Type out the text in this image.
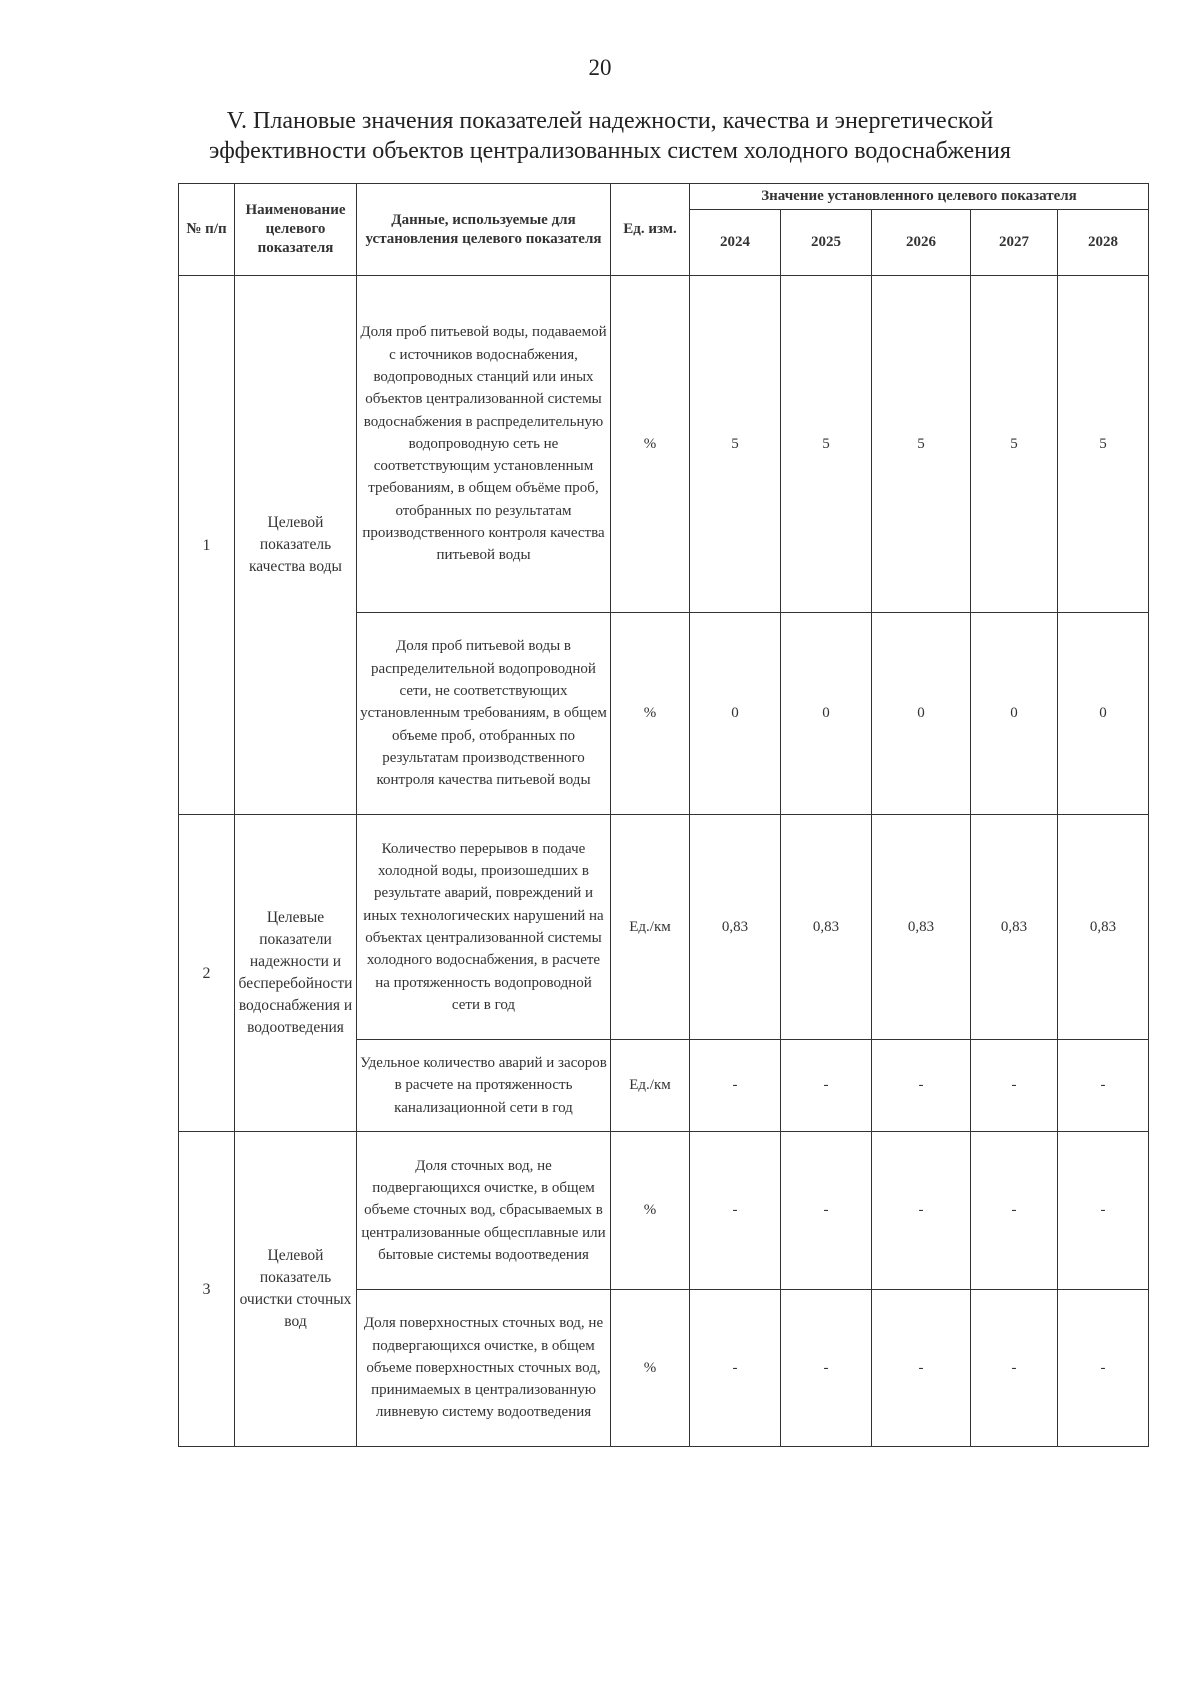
20
V. Плановые значения показателей надежности, качества и энергетической
эффективности объектов централизованных систем холодного водоснабжения
№ п/п	Наименование целевого показателя	Данные, используемые для установления целевого показателя	Ед. изм.	Значение установленного целевого показателя				
				2024	2025	2026	2027	2028
1	Целевой показатель качества воды	Доля проб питьевой воды, подаваемой с источников водоснабжения, водопроводных станций или иных объектов централизованной системы водоснабжения в распределительную водопроводную сеть не соответствующим установленным требованиям, в общем объёме проб, отобранных по результатам производственного контроля качества питьевой воды	%	5	5	5	5	5
		Доля проб питьевой воды в распределительной водопроводной сети, не соответствующих установленным требованиям, в общем объеме проб, отобранных по результатам производственного контроля качества питьевой воды	%	0	0	0	0	0
2	Целевые показатели надежности и бесперебойности водоснабжения и водоотведения	Количество перерывов в подаче холодной воды, произошедших в результате аварий, повреждений и иных технологических нарушений на объектах централизованной системы холодного водоснабжения, в расчете на протяженность водопроводной сети в год	Ед./км	0,83	0,83	0,83	0,83	0,83
		Удельное количество аварий и засоров в расчете на протяженность канализационной сети в год	Ед./км	-	-	-	-	-
3	Целевой показатель очистки сточных вод	Доля сточных вод, не подвергающихся очистке, в общем объеме сточных вод, сбрасываемых в централизованные общесплавные или бытовые системы водоотведения	%	-	-	-	-	-
		Доля поверхностных сточных вод, не подвергающихся очистке, в общем объеме поверхностных сточных вод, принимаемых в централизованную ливневую систему водоотведения	%	-	-	-	-	-
